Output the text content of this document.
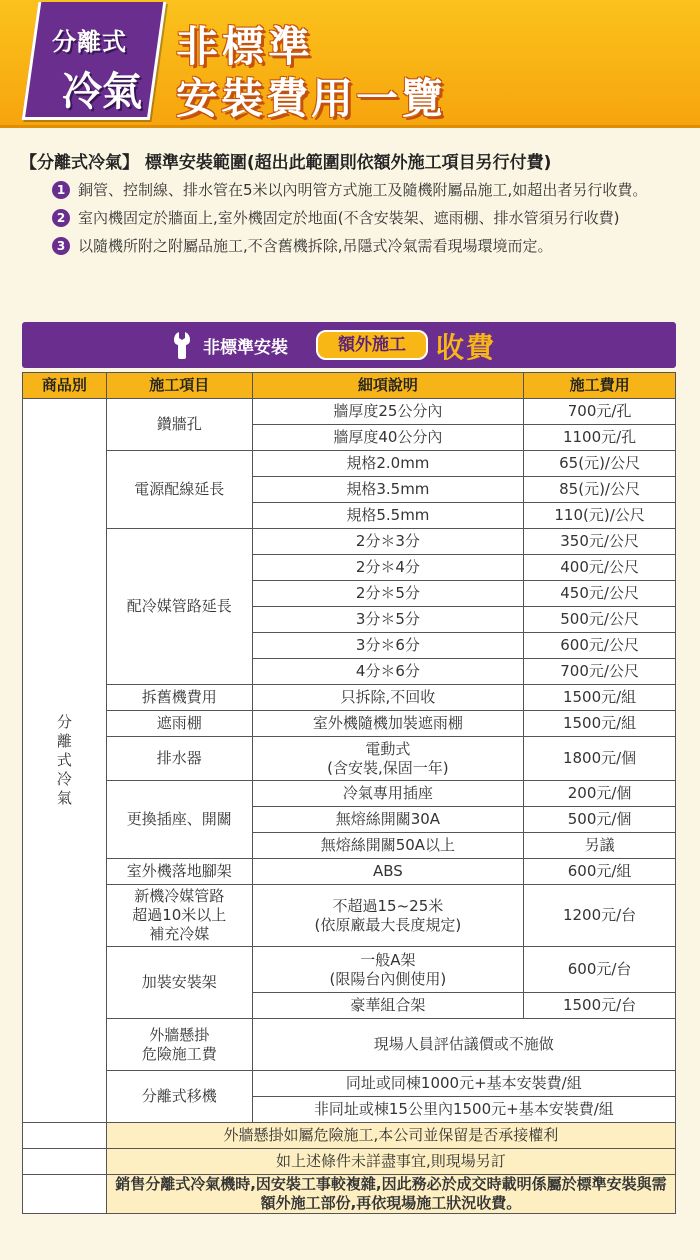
分離式
冷氣
非標準
安裝費用一覽
【分離式冷氣】 標準安裝範圍(超出此範圍則依額外施工項目另行付費)
1 銅管、控制線、排水管在5米以內明管方式施工及隨機附屬品施工,如超出者另行收費。
2 室內機固定於牆面上,室外機固定於地面(不含安裝架、遮雨棚、排水管須另行收費)
3 以隨機所附之附屬品施工,不含舊機拆除,吊隱式冷氣需看現場環境而定。
非標準安裝	額外施工	收費
商品別	施工項目	細項說明	施工費用
分
離
式
冷
氣	鑽牆孔	牆厚度25公分內	700元/孔
		牆厚度40公分內	1100元/孔
	電源配線延長	規格2.0mm	65(元)/公尺
		規格3.5mm	85(元)/公尺
		規格5.5mm	110(元)/公尺
	配冷媒管路延長	2分＊3分	350元/公尺
		2分＊4分	400元/公尺
		2分＊5分	450元/公尺
		3分＊5分	500元/公尺
		3分＊6分	600元/公尺
		4分＊6分	700元/公尺
	拆舊機費用	只拆除,不回收	1500元/組
	遮雨棚	室外機隨機加裝遮雨棚	1500元/組
	排水器	電動式
(含安裝,保固一年)	1800元/個
	更換插座、開關	冷氣專用插座	200元/個
		無熔絲開關30A	500元/個
		無熔絲開關50A以上	另議
	室外機落地腳架	ABS	600元/組
	新機冷媒管路
超過10米以上
補充冷媒	不超過15~25米
(依原廠最大長度規定)	1200元/台
	加裝安裝架	一般A架
(限陽台內側使用)	600元/台
		豪華組合架	1500元/台
	外牆懸掛
危險施工費	現場人員評估議價或不施做	
	分離式移機	同址或同棟1000元+基本安裝費/組	
		非同址或棟15公里內1500元+基本安裝費/組	
	外牆懸掛如屬危險施工,本公司並保留是否承接權利		
	如上述條件未詳盡事宜,則現場另訂		
	銷售分離式冷氣機時,因安裝工事較複雜,因此務必於成交時載明係屬於標準安裝與需額外施工部份,再依現場施工狀況收費。		
